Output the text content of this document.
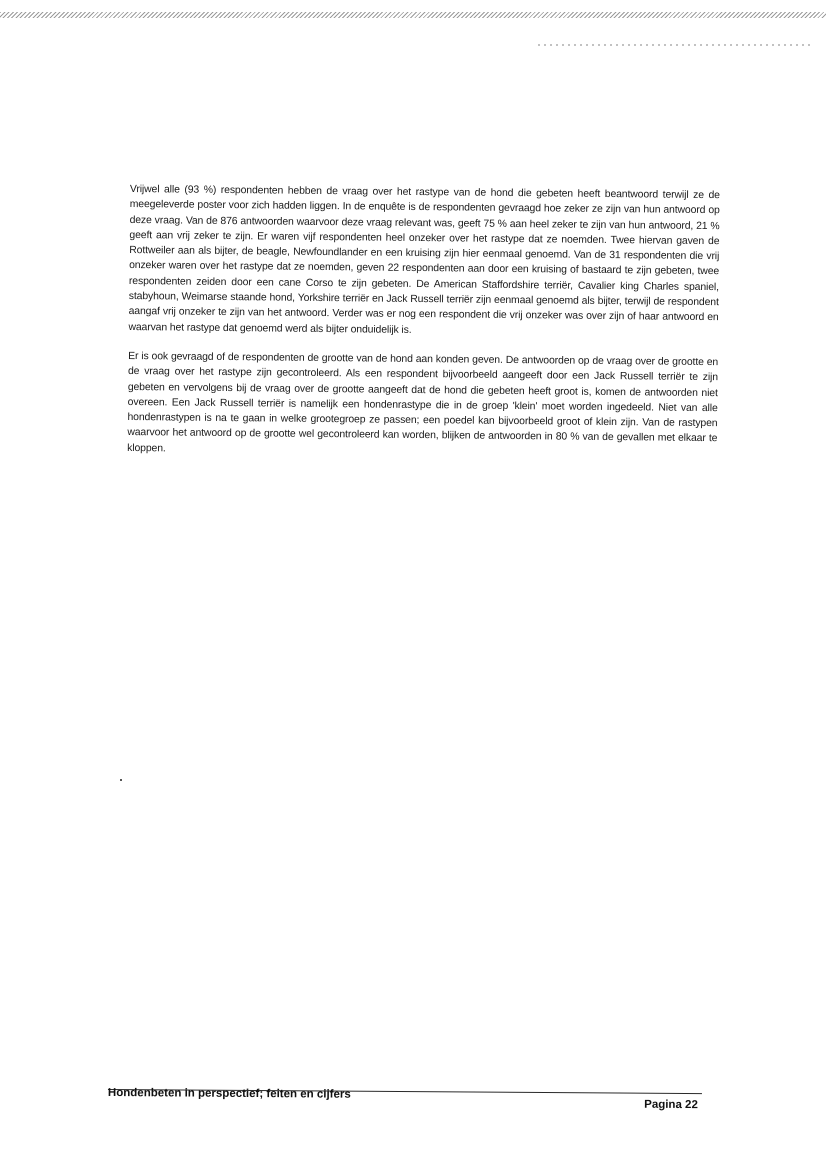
Vrijwel alle (93 %) respondenten hebben de vraag over het rastype van de hond die gebeten heeft beantwoord terwijl ze de meegeleverde poster voor zich hadden liggen. In de enquête is de respondenten gevraagd hoe zeker ze zijn van hun antwoord op deze vraag. Van de 876 antwoorden waarvoor deze vraag relevant was, geeft 75 % aan heel zeker te zijn van hun antwoord, 21 % geeft aan vrij zeker te zijn. Er waren vijf respondenten heel onzeker over het rastype dat ze noemden. Twee hiervan gaven de Rottweiler aan als bijter, de beagle, Newfoundlander en een kruising zijn hier eenmaal genoemd. Van de 31 respondenten die vrij onzeker waren over het rastype dat ze noemden, geven 22 respondenten aan door een kruising of bastaard te zijn gebeten, twee respondenten zeiden door een cane Corso te zijn gebeten. De American Staffordshire terriër, Cavalier king Charles spaniel, stabyhoun, Weimarse staande hond, Yorkshire terriër en Jack Russell terriër zijn eenmaal genoemd als bijter, terwijl de respondent aangaf vrij onzeker te zijn van het antwoord. Verder was er nog een respondent die vrij onzeker was over zijn of haar antwoord en waarvan het rastype dat genoemd werd als bijter onduidelijk is.

Er is ook gevraagd of de respondenten de grootte van de hond aan konden geven. De antwoorden op de vraag over de grootte en de vraag over het rastype zijn gecontroleerd. Als een respondent bijvoorbeeld aangeeft door een Jack Russell terriër te zijn gebeten en vervolgens bij de vraag over de grootte aangeeft dat de hond die gebeten heeft groot is, komen de antwoorden niet overeen. Een Jack Russell terriër is namelijk een hondenrastype die in de groep 'klein' moet worden ingedeeld. Niet van alle hondenrastypen is na te gaan in welke grootegroep ze passen; een poedel kan bijvoorbeeld groot of klein zijn. Van de rastypen waarvoor het antwoord op de grootte wel gecontroleerd kan worden, blijken de antwoorden in 80 % van de gevallen met elkaar te kloppen.

Hondenbeten in perspectief; feiten en cijfers
Pagina 22
